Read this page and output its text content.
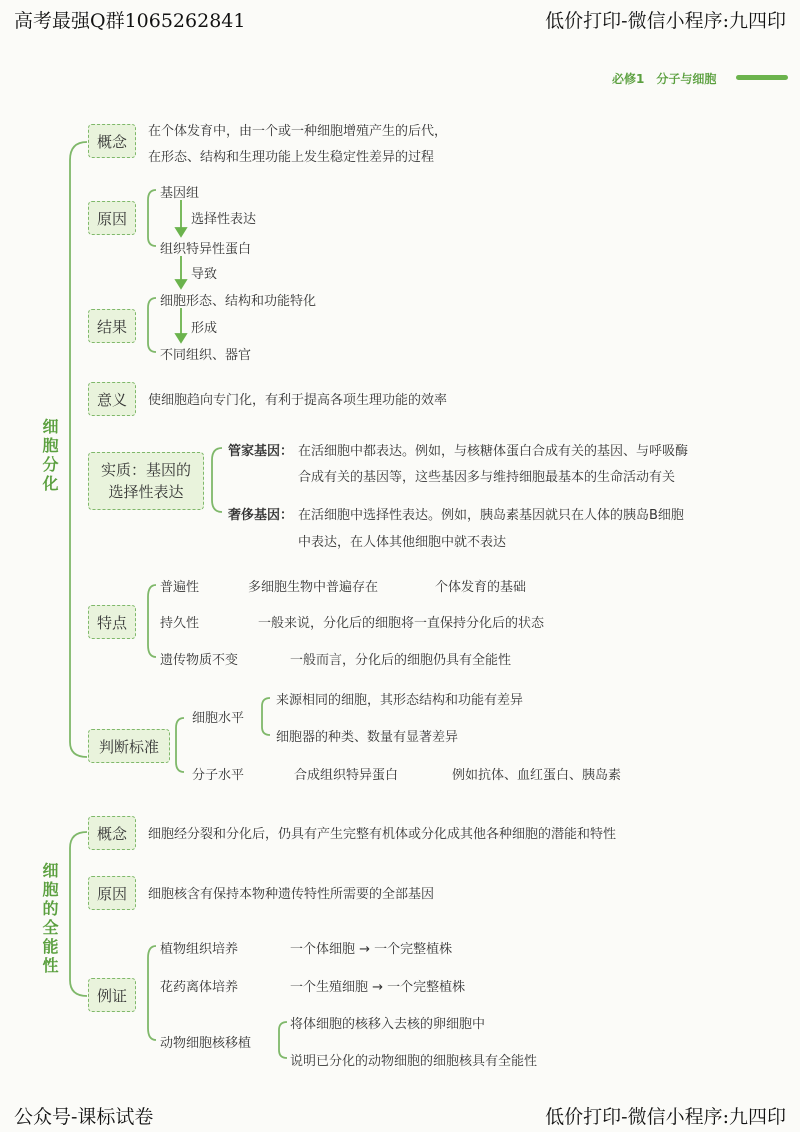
高考最强Q群1065262841	低价打印-微信小程序:九四印
公众号-课标试卷	低价打印-微信小程序:九四印
必修1　分子与细胞
细胞分化
概念
在个体发育中，由一个或一种细胞增殖产生的后代，
在形态、结构和生理功能上发生稳定性差异的过程
原因
基因组
选择性表达
组织特异性蛋白
导致
结果
细胞形态、结构和功能特化
形成
不同组织、器官
意义	使细胞趋向专门化，有利于提高各项生理功能的效率
实质：基因的
选择性表达
管家基因： 在活细胞中都表达。例如，与核糖体蛋白合成有关的基因、与呼吸酶
合成有关的基因等，这些基因多与维持细胞最基本的生命活动有关
奢侈基因： 在活细胞中选择性表达。例如，胰岛素基因就只在人体的胰岛B细胞
中表达，在人体其他细胞中就不表达
特点
普遍性	多细胞生物中普遍存在	个体发育的基础
持久性	一般来说，分化后的细胞将一直保持分化后的状态
遗传物质不变	一般而言，分化后的细胞仍具有全能性
判断标准
细胞水平
来源相同的细胞，其形态结构和功能有差异
细胞器的种类、数量有显著差异
分子水平	合成组织特异蛋白	例如抗体、血红蛋白、胰岛素
细胞的全能性
概念	细胞经分裂和分化后，仍具有产生完整有机体或分化成其他各种细胞的潜能和特性
原因	细胞核含有保持本物种遗传特性所需要的全部基因
例证
植物组织培养	一个体细胞 → 一个完整植株
花药离体培养	一个生殖细胞 → 一个完整植株
动物细胞核移植
将体细胞的核移入去核的卵细胞中
说明已分化的动物细胞的细胞核具有全能性
